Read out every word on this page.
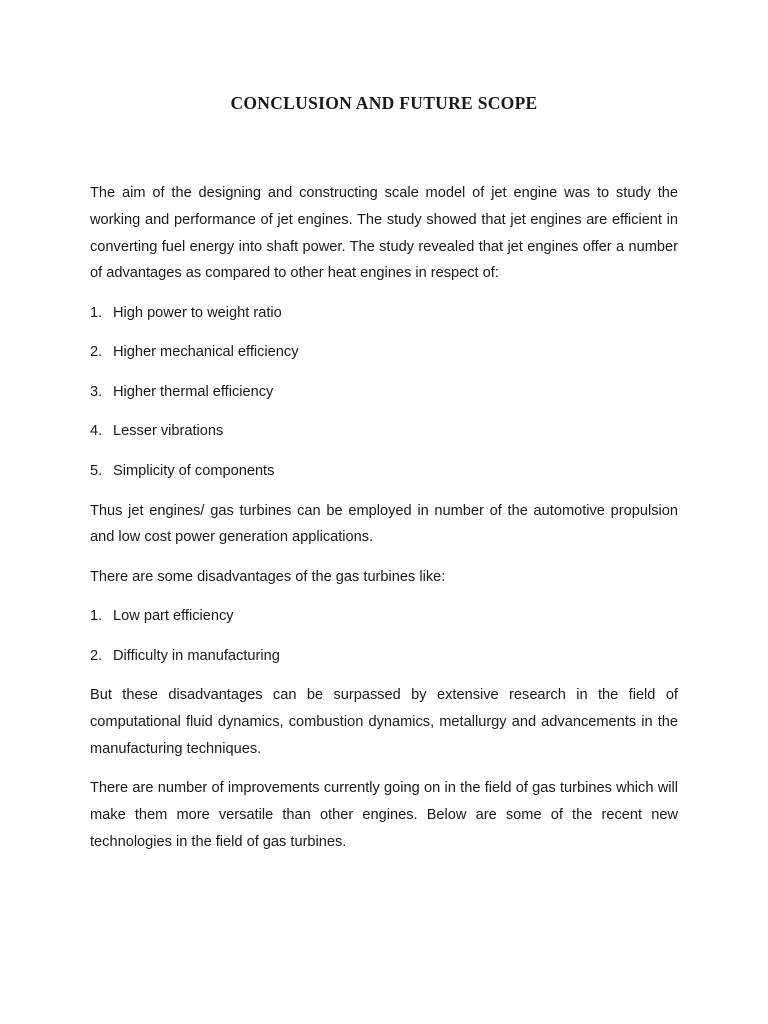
CONCLUSION AND FUTURE SCOPE

The aim of the designing and constructing scale model of jet engine was to study the working and performance of jet engines. The study showed that jet engines are efficient in converting fuel energy into shaft power. The study revealed that jet engines offer a number of advantages as compared to other heat engines in respect of:

1. High power to weight ratio
2. Higher mechanical efficiency
3. Higher thermal efficiency
4. Lesser vibrations
5. Simplicity of components

Thus jet engines/ gas turbines can be employed in number of the automotive propulsion and low cost power generation applications.

There are some disadvantages of the gas turbines like:

1. Low part efficiency
2. Difficulty in manufacturing

But these disadvantages can be surpassed by extensive research in the field of computational fluid dynamics, combustion dynamics, metallurgy and advancements in the manufacturing techniques.

There are number of improvements currently going on in the field of gas turbines which will make them more versatile than other engines. Below are some of the recent new technologies in the field of gas turbines.
